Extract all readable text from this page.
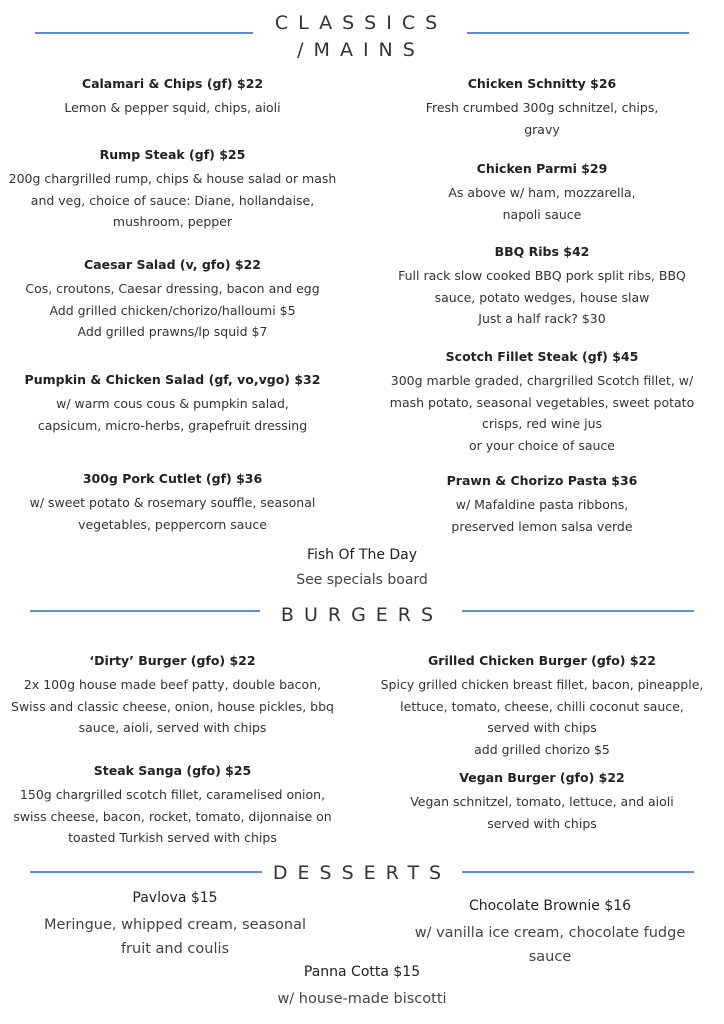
CLASSICS
/MAINS
Calamari & Chips (gf) $22
Lemon & pepper squid, chips, aioli
Rump Steak (gf) $25
200g chargrilled rump, chips & house salad or mash
and veg, choice of sauce: Diane, hollandaise,
mushroom, pepper
Caesar Salad (v, gfo) $22
Cos, croutons, Caesar dressing, bacon and egg
Add grilled chicken/chorizo/halloumi $5
Add grilled prawns/lp squid $7
Pumpkin & Chicken Salad (gf, vo,vgo) $32
w/ warm cous cous & pumpkin salad,
capsicum, micro-herbs, grapefruit dressing
300g Pork Cutlet (gf) $36
w/ sweet potato & rosemary souffle, seasonal
vegetables, peppercorn sauce
Chicken Schnitty $26
Fresh crumbed 300g schnitzel, chips,
gravy
Chicken Parmi $29
As above w/ ham, mozzarella,
napoli sauce
BBQ Ribs $42
Full rack slow cooked BBQ pork split ribs, BBQ
sauce, potato wedges, house slaw
Just a half rack? $30
Scotch Fillet Steak (gf) $45
300g marble graded, chargrilled Scotch fillet, w/
mash potato, seasonal vegetables, sweet potato
crisps, red wine jus
or your choice of sauce
Prawn & Chorizo Pasta $36
w/ Mafaldine pasta ribbons,
preserved lemon salsa verde
Fish Of The Day
See specials board
BURGERS
‘Dirty’ Burger (gfo) $22
2x 100g house made beef patty, double bacon,
Swiss and classic cheese, onion, house pickles, bbq
sauce, aioli, served with chips
Steak Sanga (gfo) $25
150g chargrilled scotch fillet, caramelised onion,
swiss cheese, bacon, rocket, tomato, dijonnaise on
toasted Turkish served with chips
Grilled Chicken Burger (gfo) $22
Spicy grilled chicken breast fillet, bacon, pineapple,
lettuce, tomato, cheese, chilli coconut sauce,
served with chips
add grilled chorizo $5
Vegan Burger (gfo) $22
Vegan schnitzel, tomato, lettuce, and aioli
served with chips
DESSERTS
Pavlova $15
Meringue, whipped cream, seasonal
fruit and coulis
Chocolate Brownie $16
w/ vanilla ice cream, chocolate fudge
sauce
Panna Cotta $15
w/ house-made biscotti
